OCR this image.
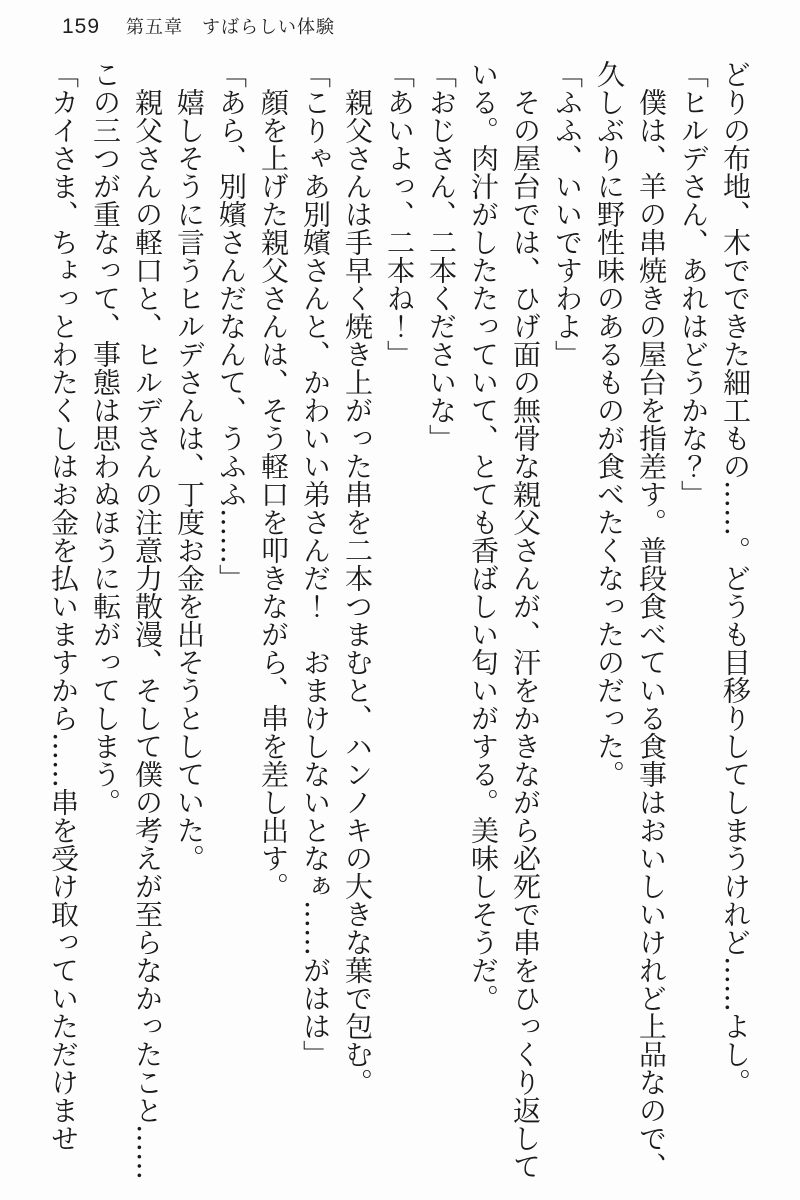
159 第五章　すばらしい体験

どりの布地、木でできた細工もの……。どうも目移りしてしまうけれど……よし。

「ヒルデさん、あれはどうかな？」

僕は、羊の串焼きの屋台を指差す。普段食べている食事はおいしいけれど上品なので、久しぶりに野性味のあるものが食べたくなったのだった。

「ふふ、いいですわよ」

その屋台では、ひげ面の無骨な親父さんが、汗をかきながら必死で串をひっくり返している。肉汁がしたたっていて、とても香ばしい匂いがする。美味しそうだ。

「おじさん、二本くださいな」

「あいよっ、二本ね！」

親父さんは手早く焼き上がった串を二本つまむと、ハンノキの大きな葉で包む。

「こりゃあ別嬪さんと、かわいい弟さんだ！　おまけしないとなぁ……がはは」

顔を上げた親父さんは、そう軽口を叩きながら、串を差し出す。

「あら、別嬪さんだなんて、うふふ……」

嬉しそうに言うヒルデさんは、丁度お金を出そうとしていた。

親父さんの軽口と、ヒルデさんの注意力散漫、そして僕の考えが至らなかったこと……この三つが重なって、事態は思わぬほうに転がってしまう。

「カイさま、ちょっとわたくしはお金を払いますから……串を受け取っていただけませ
